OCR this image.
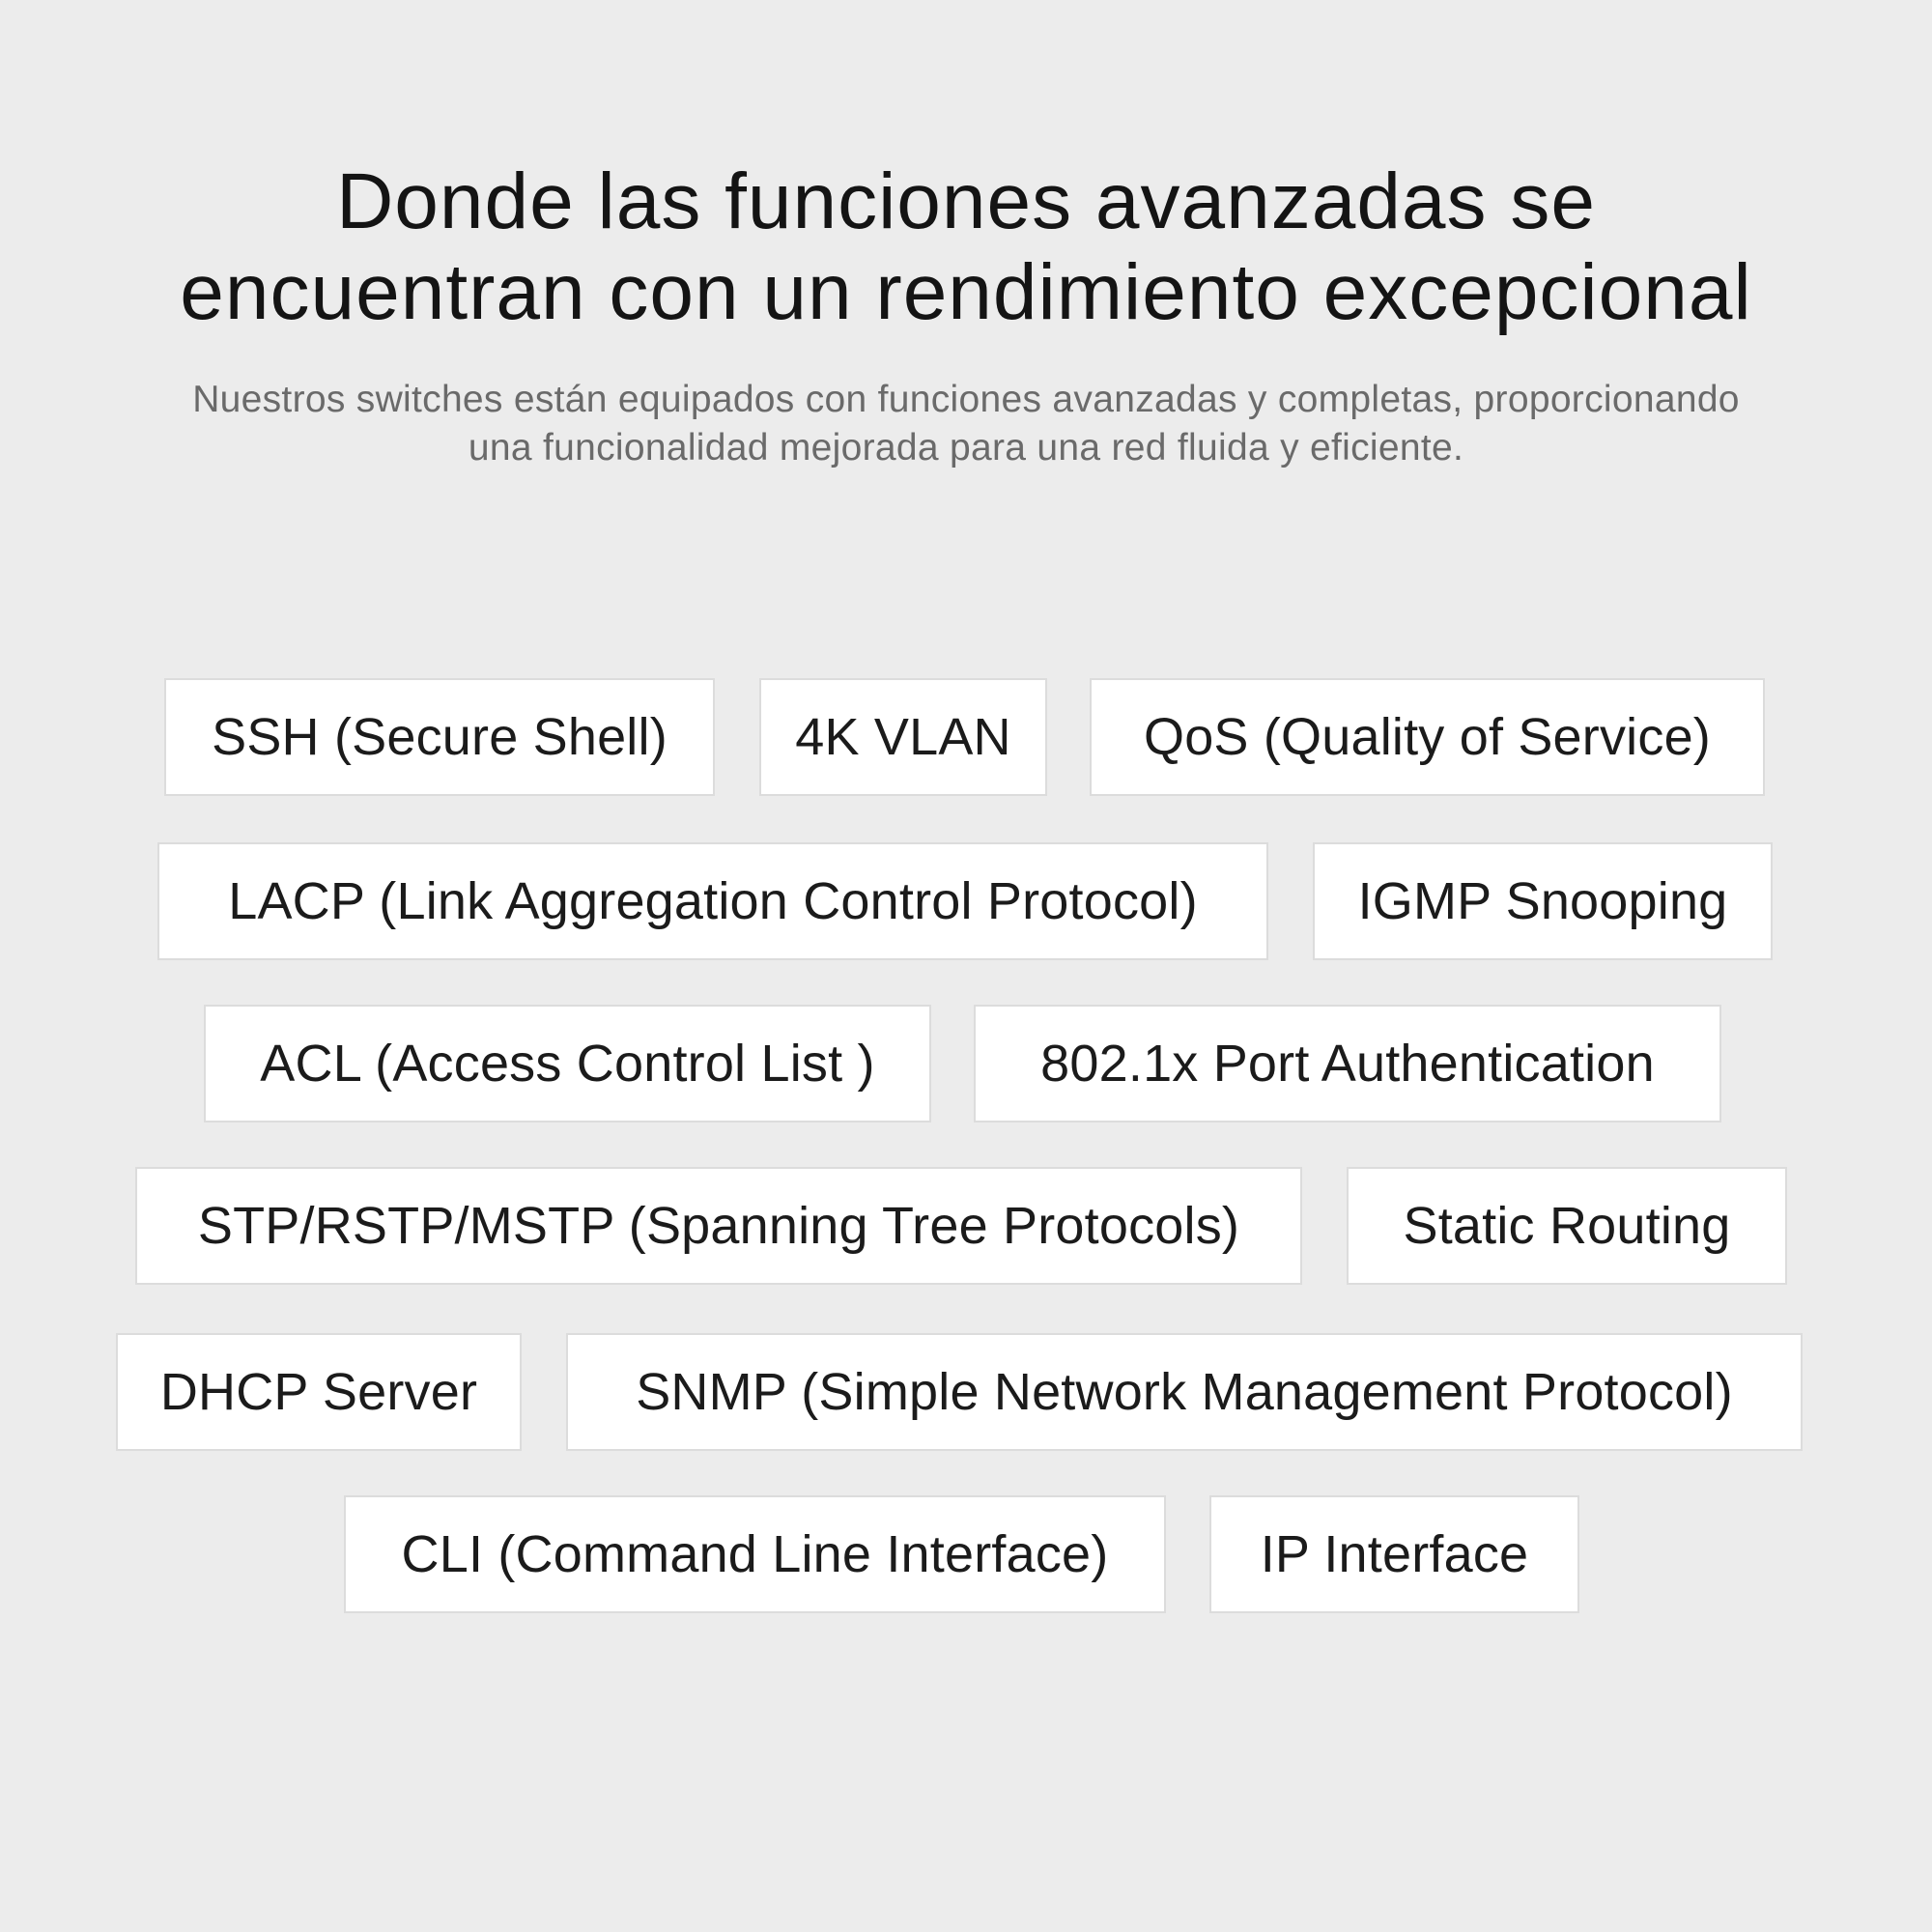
Donde las funciones avanzadas se
encuentran con un rendimiento excepcional
Nuestros switches están equipados con funciones avanzadas y completas, proporcionando
una funcionalidad mejorada para una red fluida y eficiente.
SSH (Secure Shell)	4K VLAN	QoS (Quality of Service)
LACP (Link Aggregation Control Protocol)	IGMP Snooping
ACL (Access Control List )	802.1x Port Authentication
STP/RSTP/MSTP (Spanning Tree Protocols)	Static Routing
DHCP Server	SNMP (Simple Network Management Protocol)
CLI (Command Line Interface)	IP Interface
